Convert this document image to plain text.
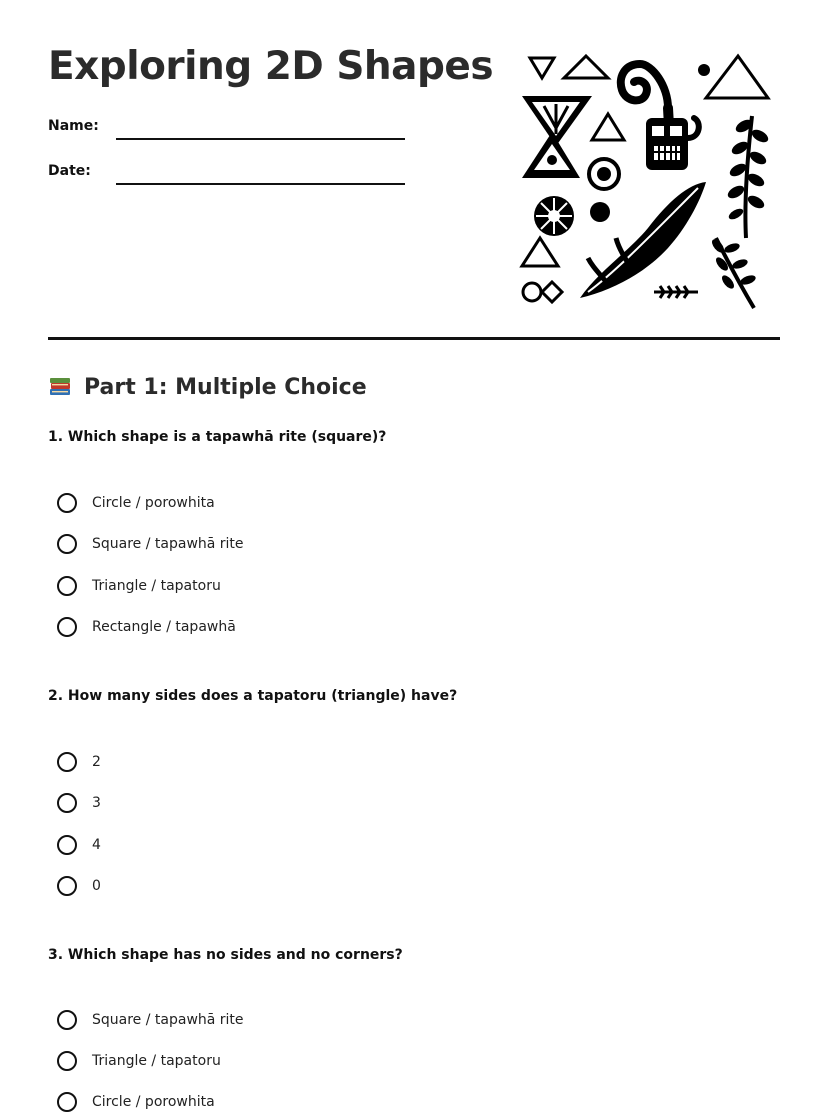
Exploring 2D Shapes
Name:
Date:
Part 1: Multiple Choice
1. Which shape is a tapawhā rite (square)?
Circle / porowhita
Square / tapawhā rite
Triangle / tapatoru
Rectangle / tapawhā
2. How many sides does a tapatoru (triangle) have?
2
3
4
0
3. Which shape has no sides and no corners?
Square / tapawhā rite
Triangle / tapatoru
Circle / porowhita
